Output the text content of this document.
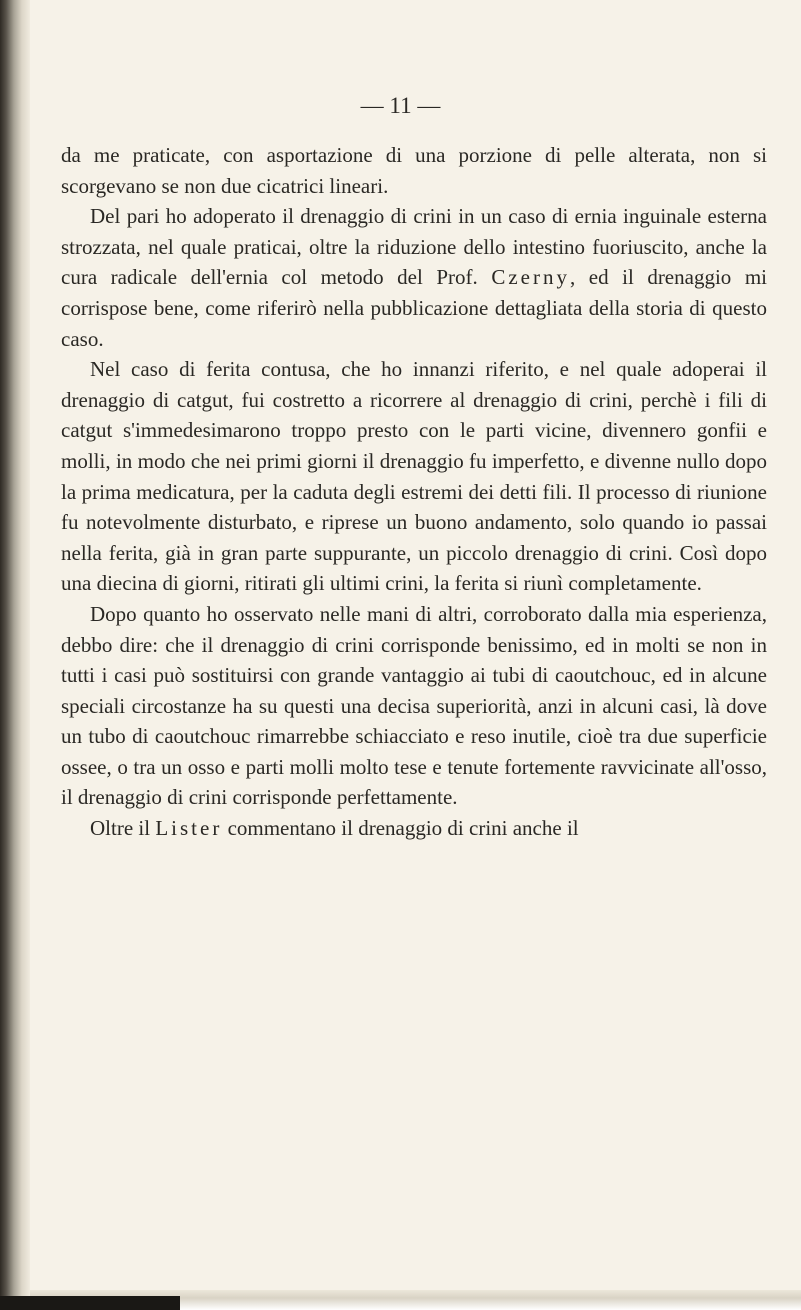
— 11 —

da me praticate, con asportazione di una porzione di pelle alterata, non si scorgevano se non due cicatrici lineari.

Del pari ho adoperato il drenaggio di crini in un caso di ernia inguinale esterna strozzata, nel quale praticai, oltre la riduzione dello intestino fuoriuscito, anche la cura radicale dell'ernia col metodo del Prof. Czerny, ed il drenaggio mi corrispose bene, come riferirò nella pubblicazione dettagliata della storia di questo caso.

Nel caso di ferita contusa, che ho innanzi riferito, e nel quale adoperai il drenaggio di catgut, fui costretto a ricorrere al drenaggio di crini, perchè i fili di catgut s'immedesimarono troppo presto con le parti vicine, divennero gonfii e molli, in modo che nei primi giorni il drenaggio fu imperfetto, e divenne nullo dopo la prima medicatura, per la caduta degli estremi dei detti fili. Il processo di riunione fu notevolmente disturbato, e riprese un buono andamento, solo quando io passai nella ferita, già in gran parte suppurante, un piccolo drenaggio di crini. Così dopo una diecina di giorni, ritirati gli ultimi crini, la ferita si riunì completamente.

Dopo quanto ho osservato nelle mani di altri, corroborato dalla mia esperienza, debbo dire: che il drenaggio di crini corrisponde benissimo, ed in molti se non in tutti i casi può sostituirsi con grande vantaggio ai tubi di caoutchouc, ed in alcune speciali circostanze ha su questi una decisa superiorità, anzi in alcuni casi, là dove un tubo di caoutchouc rimarrebbe schiacciato e reso inutile, cioè tra due superficie ossee, o tra un osso e parti molli molto tese e tenute fortemente ravvicinate all'osso, il drenaggio di crini corrisponde perfettamente.

Oltre il Lister commentano il drenaggio di crini anche il
